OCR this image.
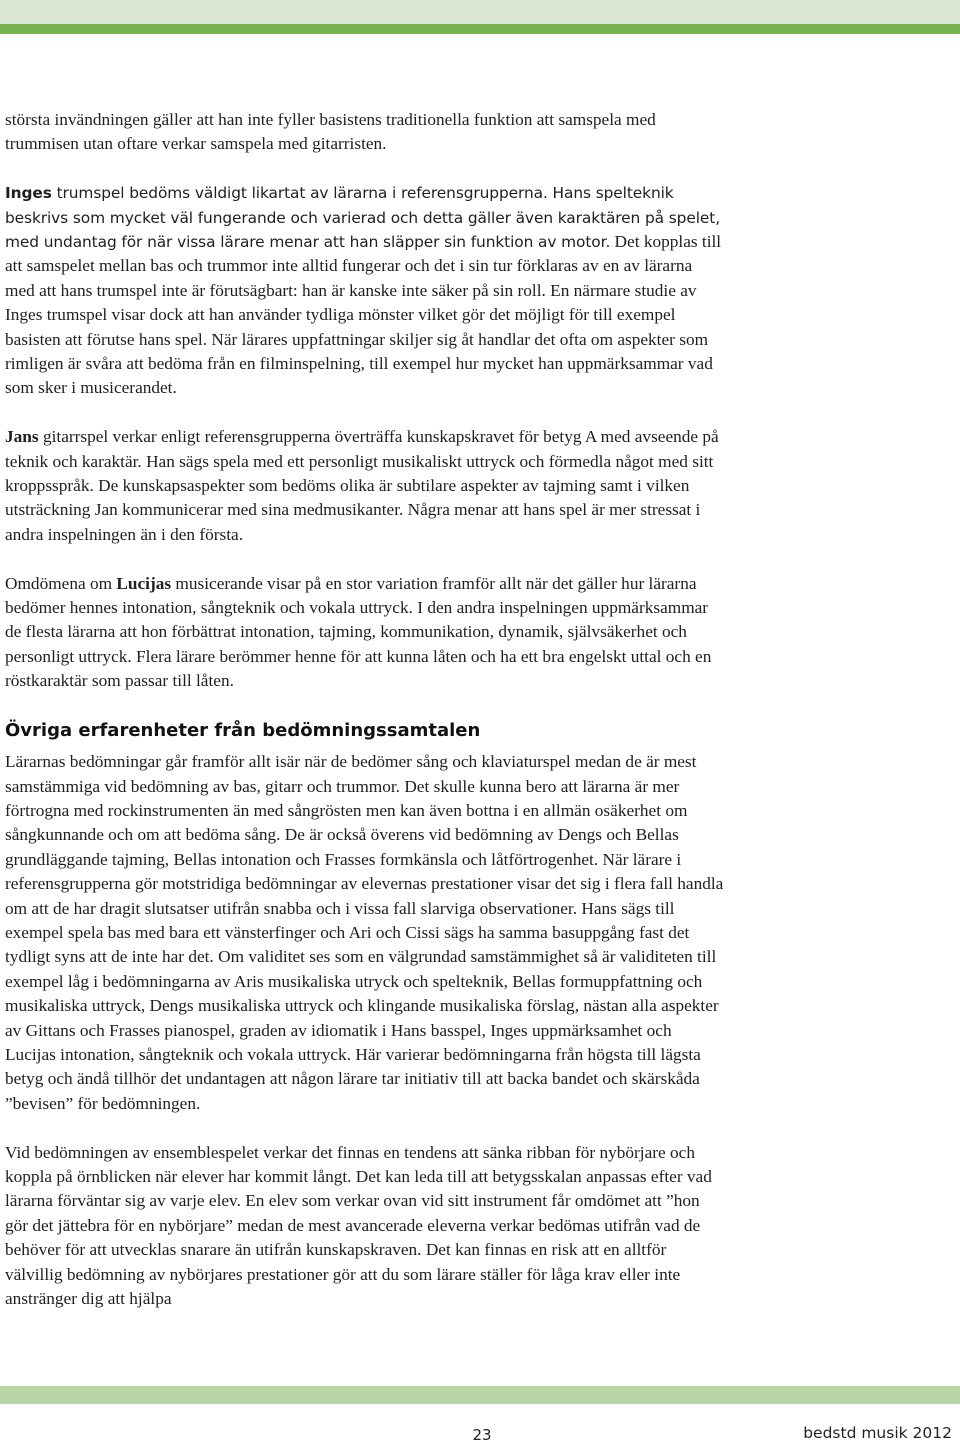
största invändningen gäller att han inte fyller basistens traditionella funktion att samspela med trummisen utan oftare verkar samspela med gitarristen.

Inges trumspel bedöms väldigt likartat av lärarna i referensgrupperna. Hans spelteknik beskrivs som mycket väl fungerande och varierad och detta gäller även karaktären på spelet, med undantag för när vissa lärare menar att han släpper sin funktion av motor. Det kopplas till att samspelet mellan bas och trummor inte alltid fungerar och det i sin tur förklaras av en av lärarna med att hans trumspel inte är förutsägbart: han är kanske inte säker på sin roll. En närmare studie av Inges trumspel visar dock att han använder tydliga mönster vilket gör det möjligt för till exempel basisten att förutse hans spel. När lärares uppfattningar skiljer sig åt handlar det ofta om aspekter som rimligen är svåra att bedöma från en filminspelning, till exempel hur mycket han uppmärksammar vad som sker i musicerandet.

Jans gitarrspel verkar enligt referensgrupperna överträffa kunskapskravet för betyg A med avseende på teknik och karaktär. Han sägs spela med ett personligt musikaliskt uttryck och förmedla något med sitt kroppsspråk. De kunskapsaspekter som bedöms olika är subtilare aspekter av tajming samt i vilken utsträckning Jan kommunicerar med sina medmusikanter. Några menar att hans spel är mer stressat i andra inspelningen än i den första.

Omdömena om Lucijas musicerande visar på en stor variation framför allt när det gäller hur lärarna bedömer hennes intonation, sångteknik och vokala uttryck. I den andra inspelningen uppmärksammar de flesta lärarna att hon förbättrat intonation, tajming, kommunikation, dynamik, självsäkerhet och personligt uttryck. Flera lärare berömmer henne för att kunna låten och ha ett bra engelskt uttal och en röstkaraktär som passar till låten.

Övriga erfarenheter från bedömningssamtalen

Lärarnas bedömningar går framför allt isär när de bedömer sång och klaviaturspel medan de är mest samstämmiga vid bedömning av bas, gitarr och trummor. Det skulle kunna bero att lärarna är mer förtrogna med rockinstrumenten än med sångrösten men kan även bottna i en allmän osäkerhet om sångkunnande och om att bedöma sång. De är också överens vid bedömning av Dengs och Bellas grundläggande tajming, Bellas intonation och Frasses formkänsla och låtförtrogenhet. När lärare i referensgrupperna gör motstridiga bedömningar av elevernas prestationer visar det sig i flera fall handla om att de har dragit slutsatser utifrån snabba och i vissa fall slarviga observationer. Hans sägs till exempel spela bas med bara ett vänsterfinger och Ari och Cissi sägs ha samma basuppgång fast det tydligt syns att de inte har det. Om validitet ses som en välgrundad samstämmighet så är validiteten till exempel låg i bedömningarna av Aris musikaliska utryck och spelteknik, Bellas formuppfattning och musikaliska uttryck, Dengs musikaliska uttryck och klingande musikaliska förslag, nästan alla aspekter av Gittans och Frasses pianospel, graden av idiomatik i Hans basspel, Inges uppmärksamhet och Lucijas intonation, sångteknik och vokala uttryck. Här varierar bedömningarna från högsta till lägsta betyg och ändå tillhör det undantagen att någon lärare tar initiativ till att backa bandet och skärskåda ”bevisen” för bedömningen.

Vid bedömningen av ensemblespelet verkar det finnas en tendens att sänka ribban för nybörjare och koppla på örnblicken när elever har kommit långt. Det kan leda till att betygsskalan anpassas efter vad lärarna förväntar sig av varje elev. En elev som verkar ovan vid sitt instrument får omdömet att ”hon gör det jättebra för en nybörjare” medan de mest avancerade eleverna verkar bedömas utifrån vad de behöver för att utvecklas snarare än utifrån kunskapskraven. Det kan finnas en risk att en alltför välvillig bedömning av nybörjares prestationer gör att du som lärare ställer för låga krav eller inte anstränger dig att hjälpa

23	bedstd musik 2012
